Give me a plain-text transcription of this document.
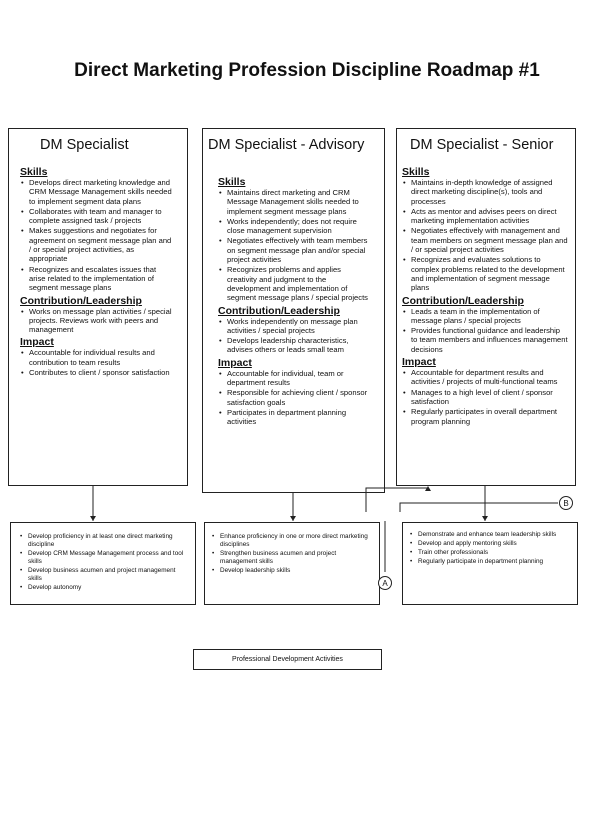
Direct Marketing Profession Discipline Roadmap #1
DM Specialist	DM Specialist - Advisory	DM Specialist - Senior
Skills
• Develops direct marketing knowledge and CRM Message Management skills needed to implement segment data plans
• Collaborates with team and manager to complete assigned task / projects
• Makes suggestions and negotiates for agreement on segment message plan and / or special project activities, as appropriate
• Recognizes and escalates issues that arise related to the implementation of segment message plans
Contribution/Leadership
• Works on message plan activities / special projects. Reviews work with peers and management
Impact
• Accountable for individual results and contribution to team results
• Contributes to client / sponsor satisfaction
Skills
• Maintains direct marketing and CRM Message Management skills needed to implement segment message plans
• Works independently; does not require close management supervision
• Negotiates effectively with team members on segment message plan and/or special project activities
• Recognizes problems and applies creativity and judgment to the development and implementation of segment message plans / special projects
Contribution/Leadership
• Works independently on message plan activities / special projects
• Develops leadership characteristics, advises others or leads small team
Impact
• Accountable for individual, team or department results
• Responsible for achieving client / sponsor satisfaction goals
• Participates in department planning activities
Skills
• Maintains in-depth knowledge of assigned direct marketing discipline(s), tools and processes
• Acts as mentor and advises peers on direct marketing implementation activities
• Negotiates effectively with management and team members on segment message plan and / or special project activities
• Recognizes and evaluates solutions to complex problems related to the development and implementation of segment message plans
Contribution/Leadership
• Leads a team in the implementation of message plans / special projects
• Provides functional guidance and leadership to team members and influences management decisions
Impact
• Accountable for department results and activities / projects of multi-functional teams
• Manages to a high level of client / sponsor satisfaction
• Regularly participates in overall department program planning
• Develop proficiency in at least one direct marketing discipline
• Develop CRM Message Management process and tool skills
• Develop business acumen and project management skills
• Develop autonomy
• Enhance proficiency in one or more direct marketing disciplines
• Strengthen business acumen and project management skills
• Develop leadership skills
• Demonstrate and enhance team leadership skills
• Develop and apply mentoring skills
• Train other professionals
• Regularly participate in department planning
A
B
Professional Development Activities
